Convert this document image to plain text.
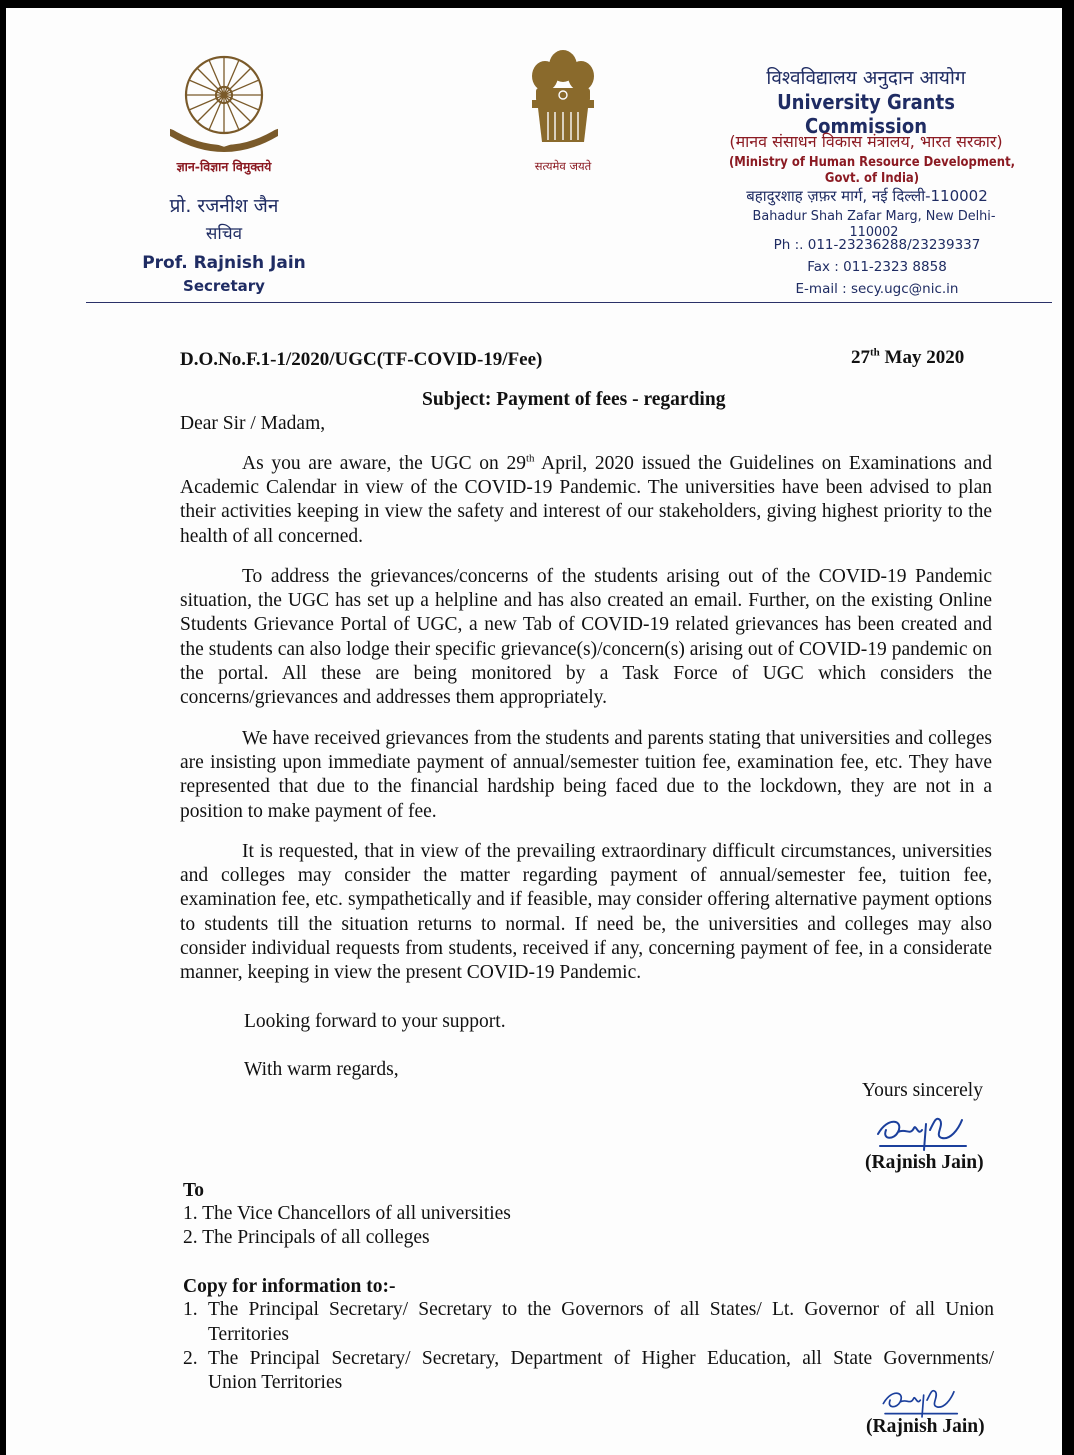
ज्ञान-विज्ञान विमुक्तये
प्रो. रजनीश जैन
सचिव
Prof. Rajnish Jain
Secretary
सत्यमेव जयते
विश्वविद्यालय अनुदान आयोग
University Grants Commission
(मानव संसाधन विकास मंत्रालय, भारत सरकार)
(Ministry of Human Resource Development, Govt. of India)
बहादुरशाह ज़फ़र मार्ग, नई दिल्ली-110002
Bahadur Shah Zafar Marg, New Delhi-110002
Ph :. 011-23236288/23239337
Fax : 011-2323 8858
E-mail : secy.ugc@nic.in
D.O.No.F.1-1/2020/UGC(TF-COVID-19/Fee)	27th May 2020
Subject: Payment of fees - regarding
Dear Sir / Madam,
As you are aware, the UGC on 29th April, 2020 issued the Guidelines on Examinations and Academic Calendar in view of the COVID-19 Pandemic. The universities have been advised to plan their activities keeping in view the safety and interest of our stakeholders, giving highest priority to the health of all concerned.
To address the grievances/concerns of the students arising out of the COVID-19 Pandemic situation, the UGC has set up a helpline and has also created an email. Further, on the existing Online Students Grievance Portal of UGC, a new Tab of COVID-19 related grievances has been created and the students can also lodge their specific grievance(s)/concern(s) arising out of COVID-19 pandemic on the portal. All these are being monitored by a Task Force of UGC which considers the concerns/grievances and addresses them appropriately.
We have received grievances from the students and parents stating that universities and colleges are insisting upon immediate payment of annual/semester tuition fee, examination fee, etc. They have represented that due to the financial hardship being faced due to the lockdown, they are not in a position to make payment of fee.
It is requested, that in view of the prevailing extraordinary difficult circumstances, universities and colleges may consider the matter regarding payment of annual/semester fee, tuition fee, examination fee, etc. sympathetically and if feasible, may consider offering alternative payment options to students till the situation returns to normal. If need be, the universities and colleges may also consider individual requests from students, received if any, concerning payment of fee, in a considerate manner, keeping in view the present COVID-19 Pandemic.
Looking forward to your support.
With warm regards,
Yours sincerely
(Rajnish Jain)
To
1. The Vice Chancellors of all universities
2. The Principals of all colleges
Copy for information to:-
1. The Principal Secretary/ Secretary to the Governors of all States/ Lt. Governor of all Union
Territories
2. The Principal Secretary/ Secretary, Department of Higher Education, all State Governments/
Union Territories
(Rajnish Jain)
